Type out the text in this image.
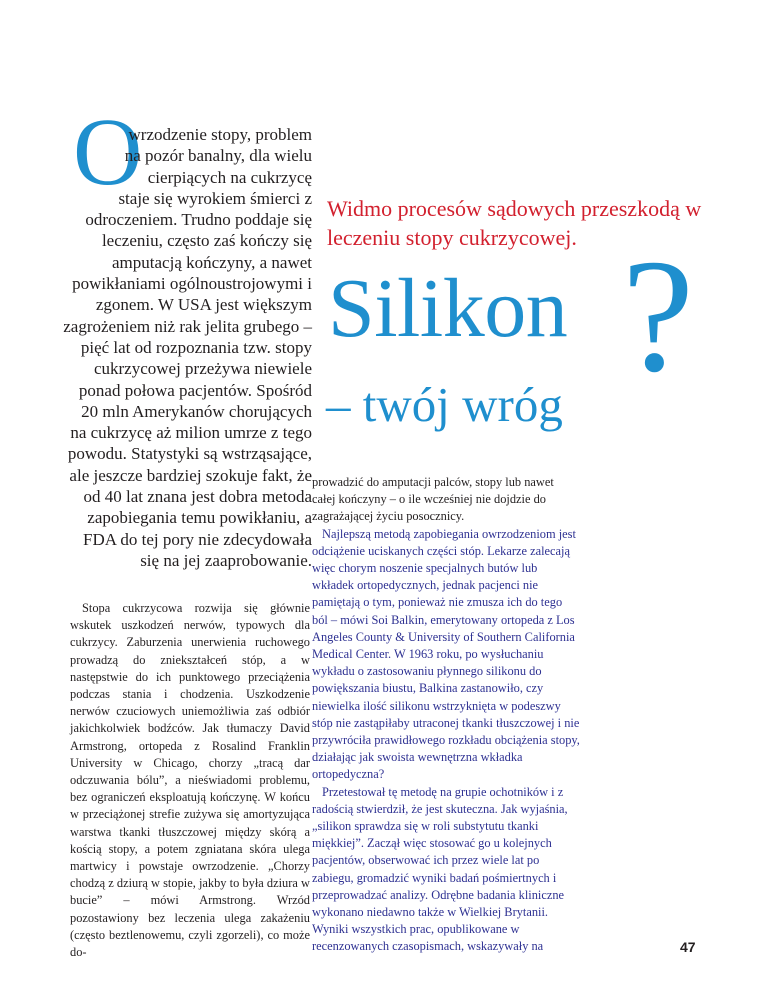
O

wrzodzenie stopy, problem na pozór banalny, dla wielu cierpiących na cukrzycę staje się wyrokiem śmierci z odroczeniem. Trudno poddaje się leczeniu, często zaś kończy się amputacją kończyny, a nawet powikłaniami ogólnoustrojowymi i zgonem. W USA jest większym zagrożeniem niż rak jelita grubego – pięć lat od rozpoznania tzw. stopy cukrzycowej przeżywa niewiele ponad połowa pacjentów. Spośród 20 mln Amerykanów chorujących na cukrzycę aż milion umrze z tego powodu. Statystyki są wstrząsające, ale jeszcze bardziej szokuje fakt, że od 40 lat znana jest dobra metoda zapobiegania temu powikłaniu, a FDA do tej pory nie zdecydowała się na jej zaaprobowanie.

Stopa cukrzycowa rozwija się głównie wskutek uszkodzeń nerwów, typowych dla cukrzycy. Zaburzenia unerwienia ruchowego prowadzą do zniekształceń stóp, a w następstwie do ich punktowego przeciążenia podczas stania i chodzenia. Uszkodzenie nerwów czuciowych uniemożliwia zaś odbiór jakichkolwiek bodźców. Jak tłumaczy David Armstrong, ortopeda z Rosalind Franklin University w Chicago, chorzy „tracą dar odczuwania bólu”, a nieświadomi problemu, bez ograniczeń eksploatują kończynę. W końcu w przeciążonej strefie zużywa się amortyzująca warstwa tkanki tłuszczowej między skórą a kością stopy, a potem zgniatana skóra ulega martwicy i powstaje owrzodzenie. „Chorzy chodzą z dziurą w stopie, jakby to była dziura w bucie” – mówi Armstrong. Wrzód pozostawiony bez leczenia ulega zakażeniu (często beztlenowemu, czyli zgorzeli), co może do-

Widmo procesów sądowych przeszkodą w leczeniu stopy cukrzycowej.
Silikon
– twój wróg ?

prowadzić do amputacji palców, stopy lub nawet całej kończyny – o ile wcześniej nie dojdzie do zagrażającej życiu posocznicy.

Najlepszą metodą zapobiegania owrzodzeniom jest odciążenie uciskanych części stóp. Lekarze zalecają więc chorym noszenie specjalnych butów lub wkładek ortopedycznych, jednak pacjenci nie pamiętają o tym, ponieważ nie zmusza ich do tego ból – mówi Soi Balkin, emerytowany ortopeda z Los Angeles County & University of Southern California Medical Center. W 1963 roku, po wysłuchaniu wykładu o zastosowaniu płynnego silikonu do powiększania biustu, Balkina zastanowiło, czy niewielka ilość silikonu wstrzyknięta w podeszwy stóp nie zastąpiłaby utraconej tkanki tłuszczowej i nie przywróciła prawidłowego rozkładu obciążenia stopy, działając jak swoista wewnętrzna wkładka ortopedyczna?

Przetestował tę metodę na grupie ochotników i z radością stwierdził, że jest skuteczna. Jak wyjaśnia, „silikon sprawdza się w roli substytutu tkanki miękkiej”. Zaczął więc stosować go u kolejnych pacjentów, obserwować ich przez wiele lat po zabiegu, gromadzić wyniki badań pośmiertnych i przeprowadzać analizy. Odrębne badania kliniczne wykonano niedawno także w Wielkiej Brytanii. Wyniki wszystkich prac, opublikowane w recenzowanych czasopismach, wskazywały na	47
